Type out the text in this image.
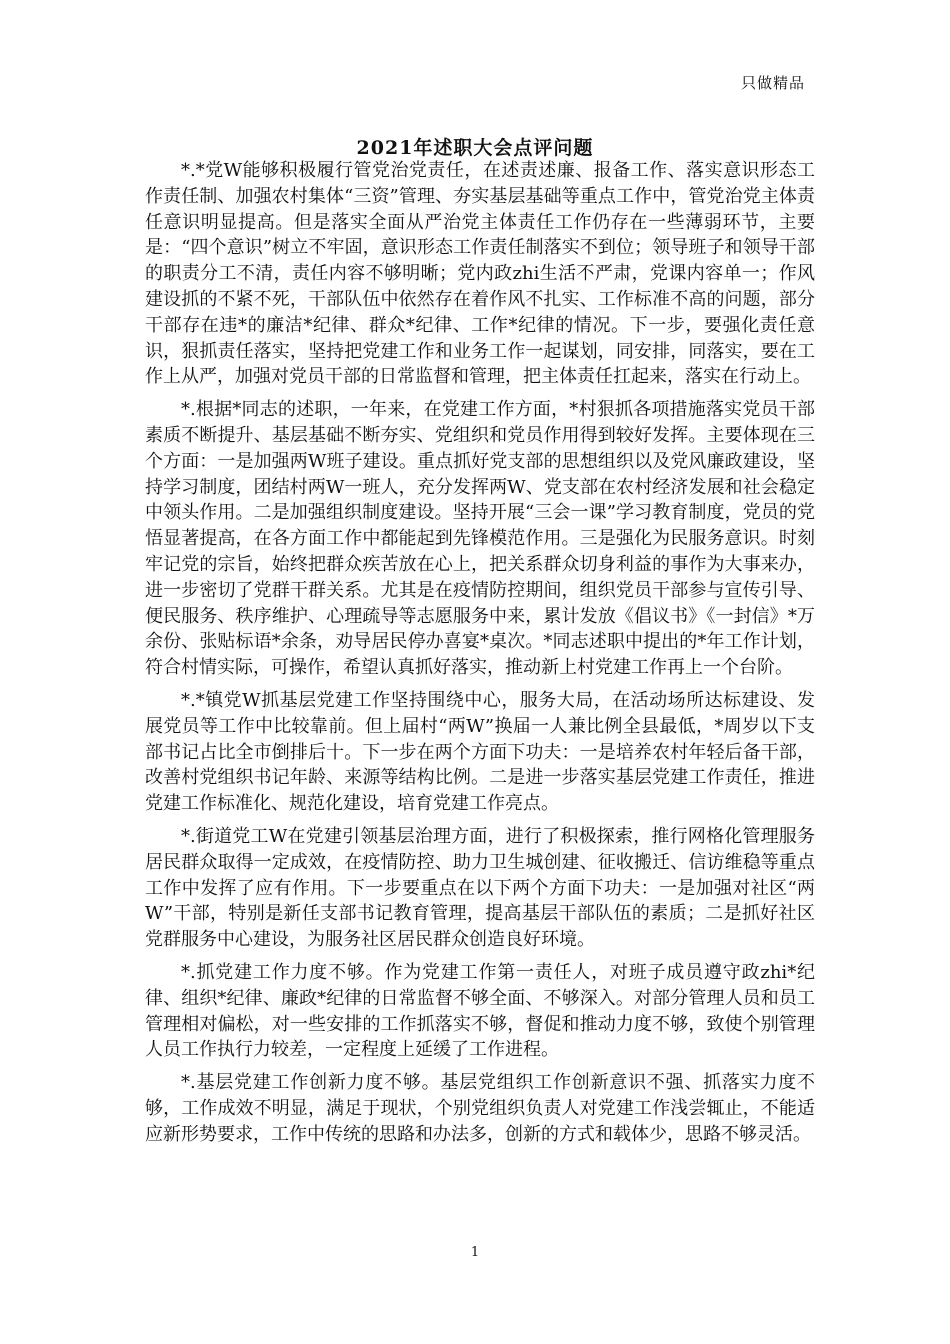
只做精品
2021年述职大会点评问题

*.*党W能够积极履行管党治党责任，在述责述廉、报备工作、落实意识形态工作责任制、加强农村集体“三资”管理、夯实基层基础等重点工作中，管党治党主体责任意识明显提高。但是落实全面从严治党主体责任工作仍存在一些薄弱环节，主要是：“四个意识”树立不牢固，意识形态工作责任制落实不到位；领导班子和领导干部的职责分工不清，责任内容不够明晰；党内政zhi生活不严肃，党课内容单一；作风建设抓的不紧不死，干部队伍中依然存在着作风不扎实、工作标准不高的问题，部分干部存在违*的廉洁*纪律、群众*纪律、工作*纪律的情况。下一步，要强化责任意识，狠抓责任落实，坚持把党建工作和业务工作一起谋划，同安排，同落实，要在工作上从严，加强对党员干部的日常监督和管理，把主体责任扛起来，落实在行动上。

*.根据*同志的述职，一年来，在党建工作方面，*村狠抓各项措施落实党员干部素质不断提升、基层基础不断夯实、党组织和党员作用得到较好发挥。主要体现在三个方面：一是加强两W班子建设。重点抓好党支部的思想组织以及党风廉政建设，坚持学习制度，团结村两W一班人，充分发挥两W、党支部在农村经济发展和社会稳定中领头作用。二是加强组织制度建设。坚持开展“三会一课”学习教育制度，党员的党悟显著提高，在各方面工作中都能起到先锋模范作用。三是强化为民服务意识。时刻牢记党的宗旨，始终把群众疾苦放在心上，把关系群众切身利益的事作为大事来办，进一步密切了党群干群关系。尤其是在疫情防控期间，组织党员干部参与宣传引导、便民服务、秩序维护、心理疏导等志愿服务中来，累计发放《倡议书》《一封信》*万余份、张贴标语*余条，劝导居民停办喜宴*桌次。*同志述职中提出的*年工作计划，符合村情实际，可操作，希望认真抓好落实，推动新上村党建工作再上一个台阶。

*.*镇党W抓基层党建工作坚持围绕中心，服务大局，在活动场所达标建设、发展党员等工作中比较靠前。但上届村“两W”换届一人兼比例全县最低，*周岁以下支部书记占比全市倒排后十。下一步在两个方面下功夫：一是培养农村年轻后备干部，改善村党组织书记年龄、来源等结构比例。二是进一步落实基层党建工作责任，推进党建工作标准化、规范化建设，培育党建工作亮点。

*.街道党工W在党建引领基层治理方面，进行了积极探索，推行网格化管理服务居民群众取得一定成效，在疫情防控、助力卫生城创建、征收搬迁、信访维稳等重点工作中发挥了应有作用。下一步要重点在以下两个方面下功夫：一是加强对社区“两W”干部，特别是新任支部书记教育管理，提高基层干部队伍的素质；二是抓好社区党群服务中心建设，为服务社区居民群众创造良好环境。

*.抓党建工作力度不够。作为党建工作第一责任人，对班子成员遵守政zhi*纪律、组织*纪律、廉政*纪律的日常监督不够全面、不够深入。对部分管理人员和员工管理相对偏松，对一些安排的工作抓落实不够，督促和推动力度不够，致使个别管理人员工作执行力较差，一定程度上延缓了工作进程。

*.基层党建工作创新力度不够。基层党组织工作创新意识不强、抓落实力度不够，工作成效不明显，满足于现状，个别党组织负责人对党建工作浅尝辄止，不能适应新形势要求，工作中传统的思路和办法多，创新的方式和载体少，思路不够灵活。

1
